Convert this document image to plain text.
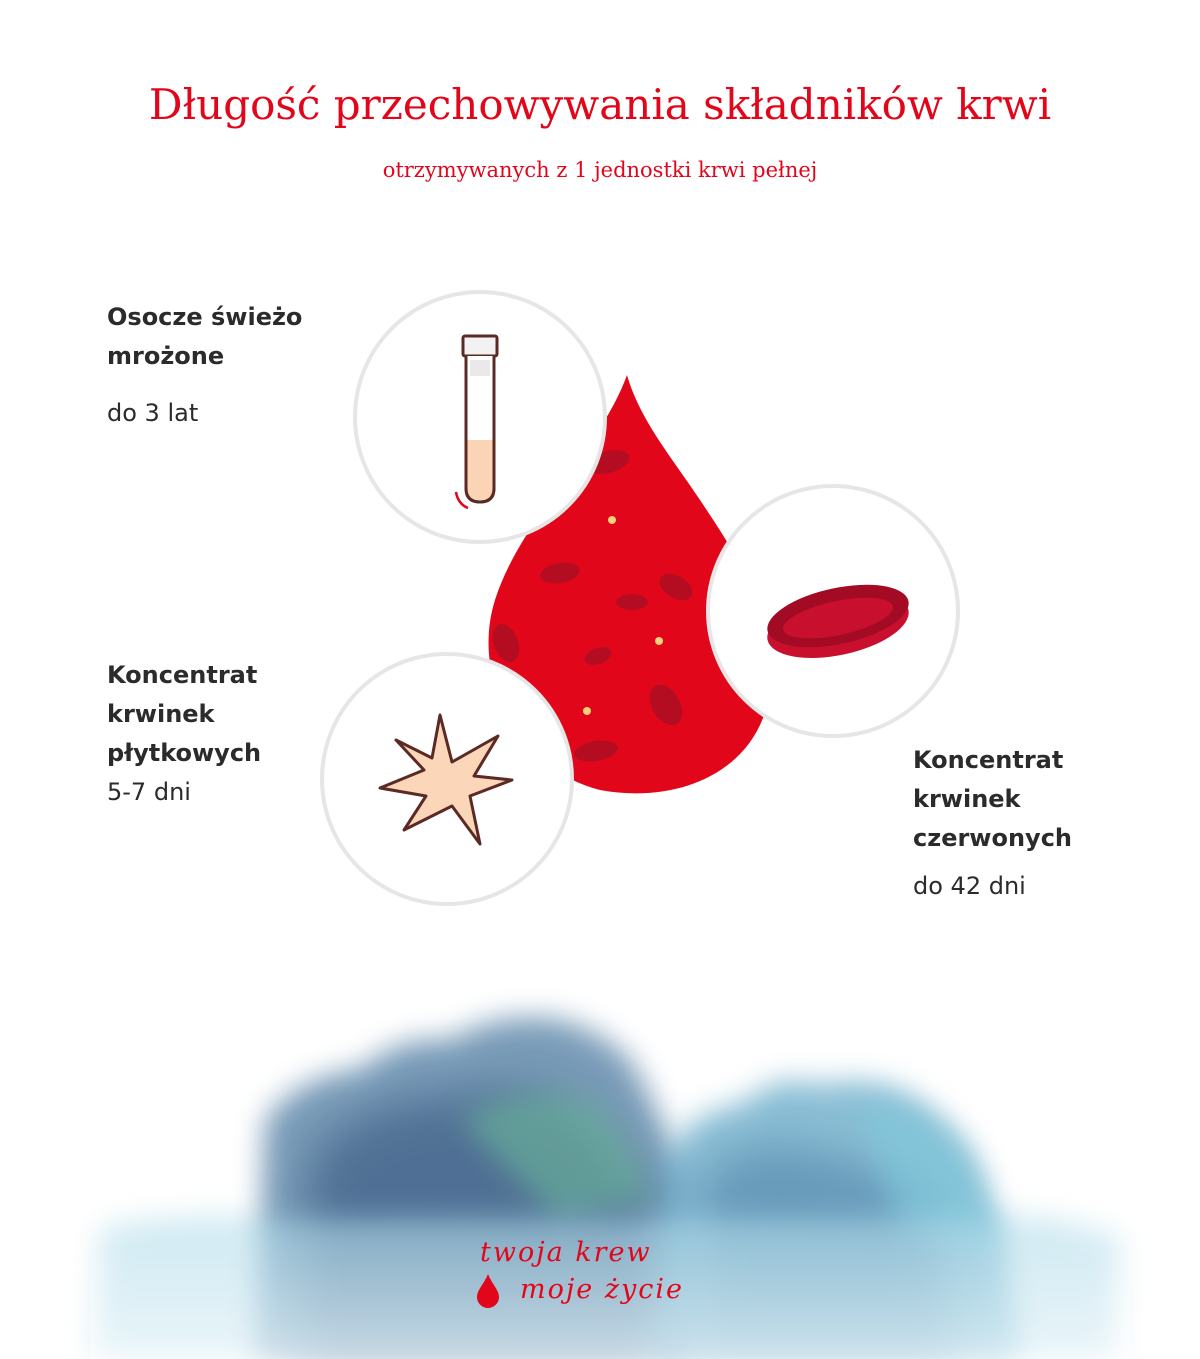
Długość przechowywania składników krwi
otrzymywanych z 1 jednostki krwi pełnej
Osocze świeżo
mrożone
do 3 lat
Koncentrat
krwinek
płytkowych
5-7 dni
Koncentrat
krwinek
czerwonych
do 42 dni
twoja krew
moje życie
